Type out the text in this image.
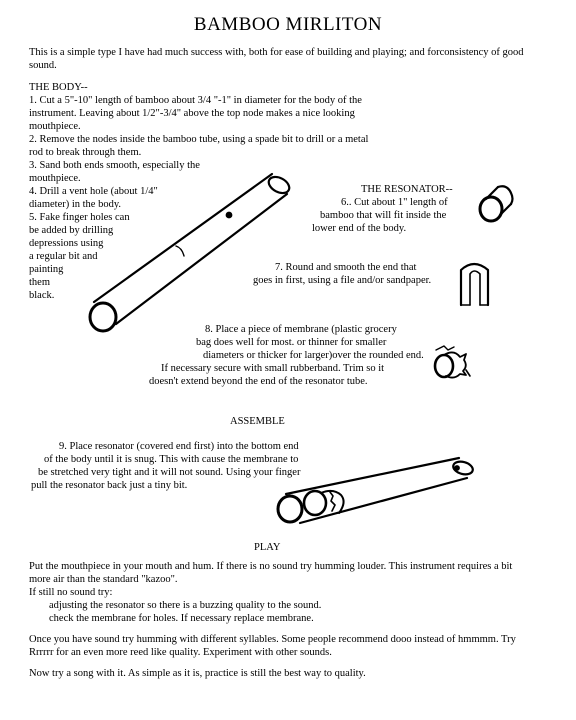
BAMBOO MIRLITON
This is a simple type I have had much success with, both for ease of building and playing; and forconsistency of good sound.
THE BODY--
1. Cut a 5"-10" length of bamboo about 3/4 "-1" in diameter for the body of the
instrument. Leaving about 1/2"-3/4" above the top node makes a nice looking
mouthpiece.
2. Remove the nodes inside the bamboo tube, using a spade bit to drill or a metal
rod to break through them.
3. Sand both ends smooth, especially the
mouthpiece.
4. Drill a vent hole (about 1/4"
diameter) in the body.
5. Fake finger holes can
be added by drilling
depressions using
a regular bit and
painting
them
black.
THE RESONATOR--
6.. Cut about 1" length of
bamboo that will fit inside the
lower end of the body.
7. Round and smooth the end that
goes in first, using a file and/or sandpaper.
8. Place a piece of membrane (plastic grocery
bag does well for most. or thinner for smaller
diameters or thicker for larger)over the rounded end.
If necessary secure with small rubberband. Trim so it
doesn't extend beyond the end of the resonator tube.
ASSEMBLE
9. Place resonator (covered end first) into the bottom end
of the body until it is snug. This with cause the membrane to
be stretched very tight and it will not sound. Using your finger
pull the resonator back just a tiny bit.
PLAY
Put the mouthpiece in your mouth and hum. If there is no sound try humming louder. This instrument requires a bit
more air than the standard "kazoo".
If still no sound try:
adjusting the resonator so there is a buzzing quality to the sound.
check the membrane for holes. If necessary replace membrane.
Once you have sound try humming with different syllables. Some people recommend dooo instead of hmmmm. Try
Rrrrrr for an even more reed like quality. Experiment with other sounds.
Now try a song with it. As simple as it is, practice is still the best way to quality.
